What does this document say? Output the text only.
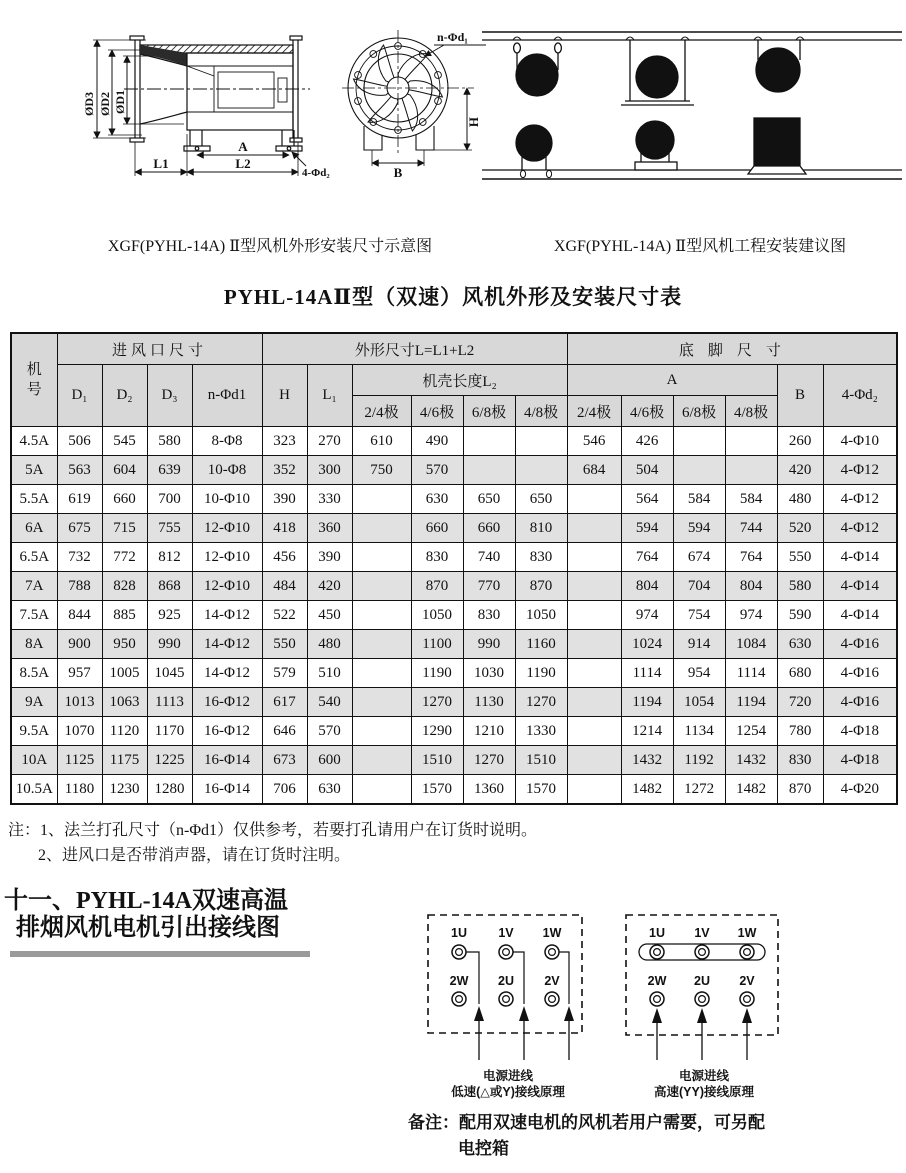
ØD3 ØD2 ØD1
A
L1	L2
4-Φd₂
n-Φd₁
H
B
XGF(PYHL-14A) Ⅱ型风机外形安装尺寸示意图	XGF(PYHL-14A) Ⅱ型风机工程安装建议图
PYHL-14AⅡ型（双速）风机外形及安装尺寸表
机号	进风口尺寸				外形尺寸L=L1+L2						底脚尺寸					
	D₁	D₂	D₃	n-Φd1	H	L₁	机壳长度L₂				A				B	4-Φd₂
							2/4极	4/6极	6/8极	4/8极	2/4极	4/6极	6/8极	4/8极		
4.5A	506	545	580	8-Φ8	323	270	610	490			546	426			260	4-Φ10
5A	563	604	639	10-Φ8	352	300	750	570			684	504			420	4-Φ12
5.5A	619	660	700	10-Φ10	390	330		630	650	650		564	584	584	480	4-Φ12
6A	675	715	755	12-Φ10	418	360		660	660	810		594	594	744	520	4-Φ12
6.5A	732	772	812	12-Φ10	456	390		830	740	830		764	674	764	550	4-Φ14
7A	788	828	868	12-Φ10	484	420		870	770	870		804	704	804	580	4-Φ14
7.5A	844	885	925	14-Φ12	522	450		1050	830	1050		974	754	974	590	4-Φ14
8A	900	950	990	14-Φ12	550	480		1100	990	1160		1024	914	1084	630	4-Φ16
8.5A	957	1005	1045	14-Φ12	579	510		1190	1030	1190		1114	954	1114	680	4-Φ16
9A	1013	1063	1113	16-Φ12	617	540		1270	1130	1270		1194	1054	1194	720	4-Φ16
9.5A	1070	1120	1170	16-Φ12	646	570		1290	1210	1330		1214	1134	1254	780	4-Φ18
10A	1125	1175	1225	16-Φ14	673	600		1510	1270	1510		1432	1192	1432	830	4-Φ18
10.5A	1180	1230	1280	16-Φ14	706	630		1570	1360	1570		1482	1272	1482	870	4-Φ20
注：1、法兰打孔尺寸（n-Φd1）仅供参考，若要打孔请用户在订货时说明。
2、进风口是否带消声器，请在订货时注明。
十一、PYHL-14A双速高温
排烟风机电机引出接线图	1U	1V 1W
2W 2U 2V
1U 1V 1W
2W 2U 2V
电源进线
低速(△或Y)接线原理
电源进线
高速(YY)接线原理
备注：配用双速电机的风机若用户需要，可另配
电控箱
